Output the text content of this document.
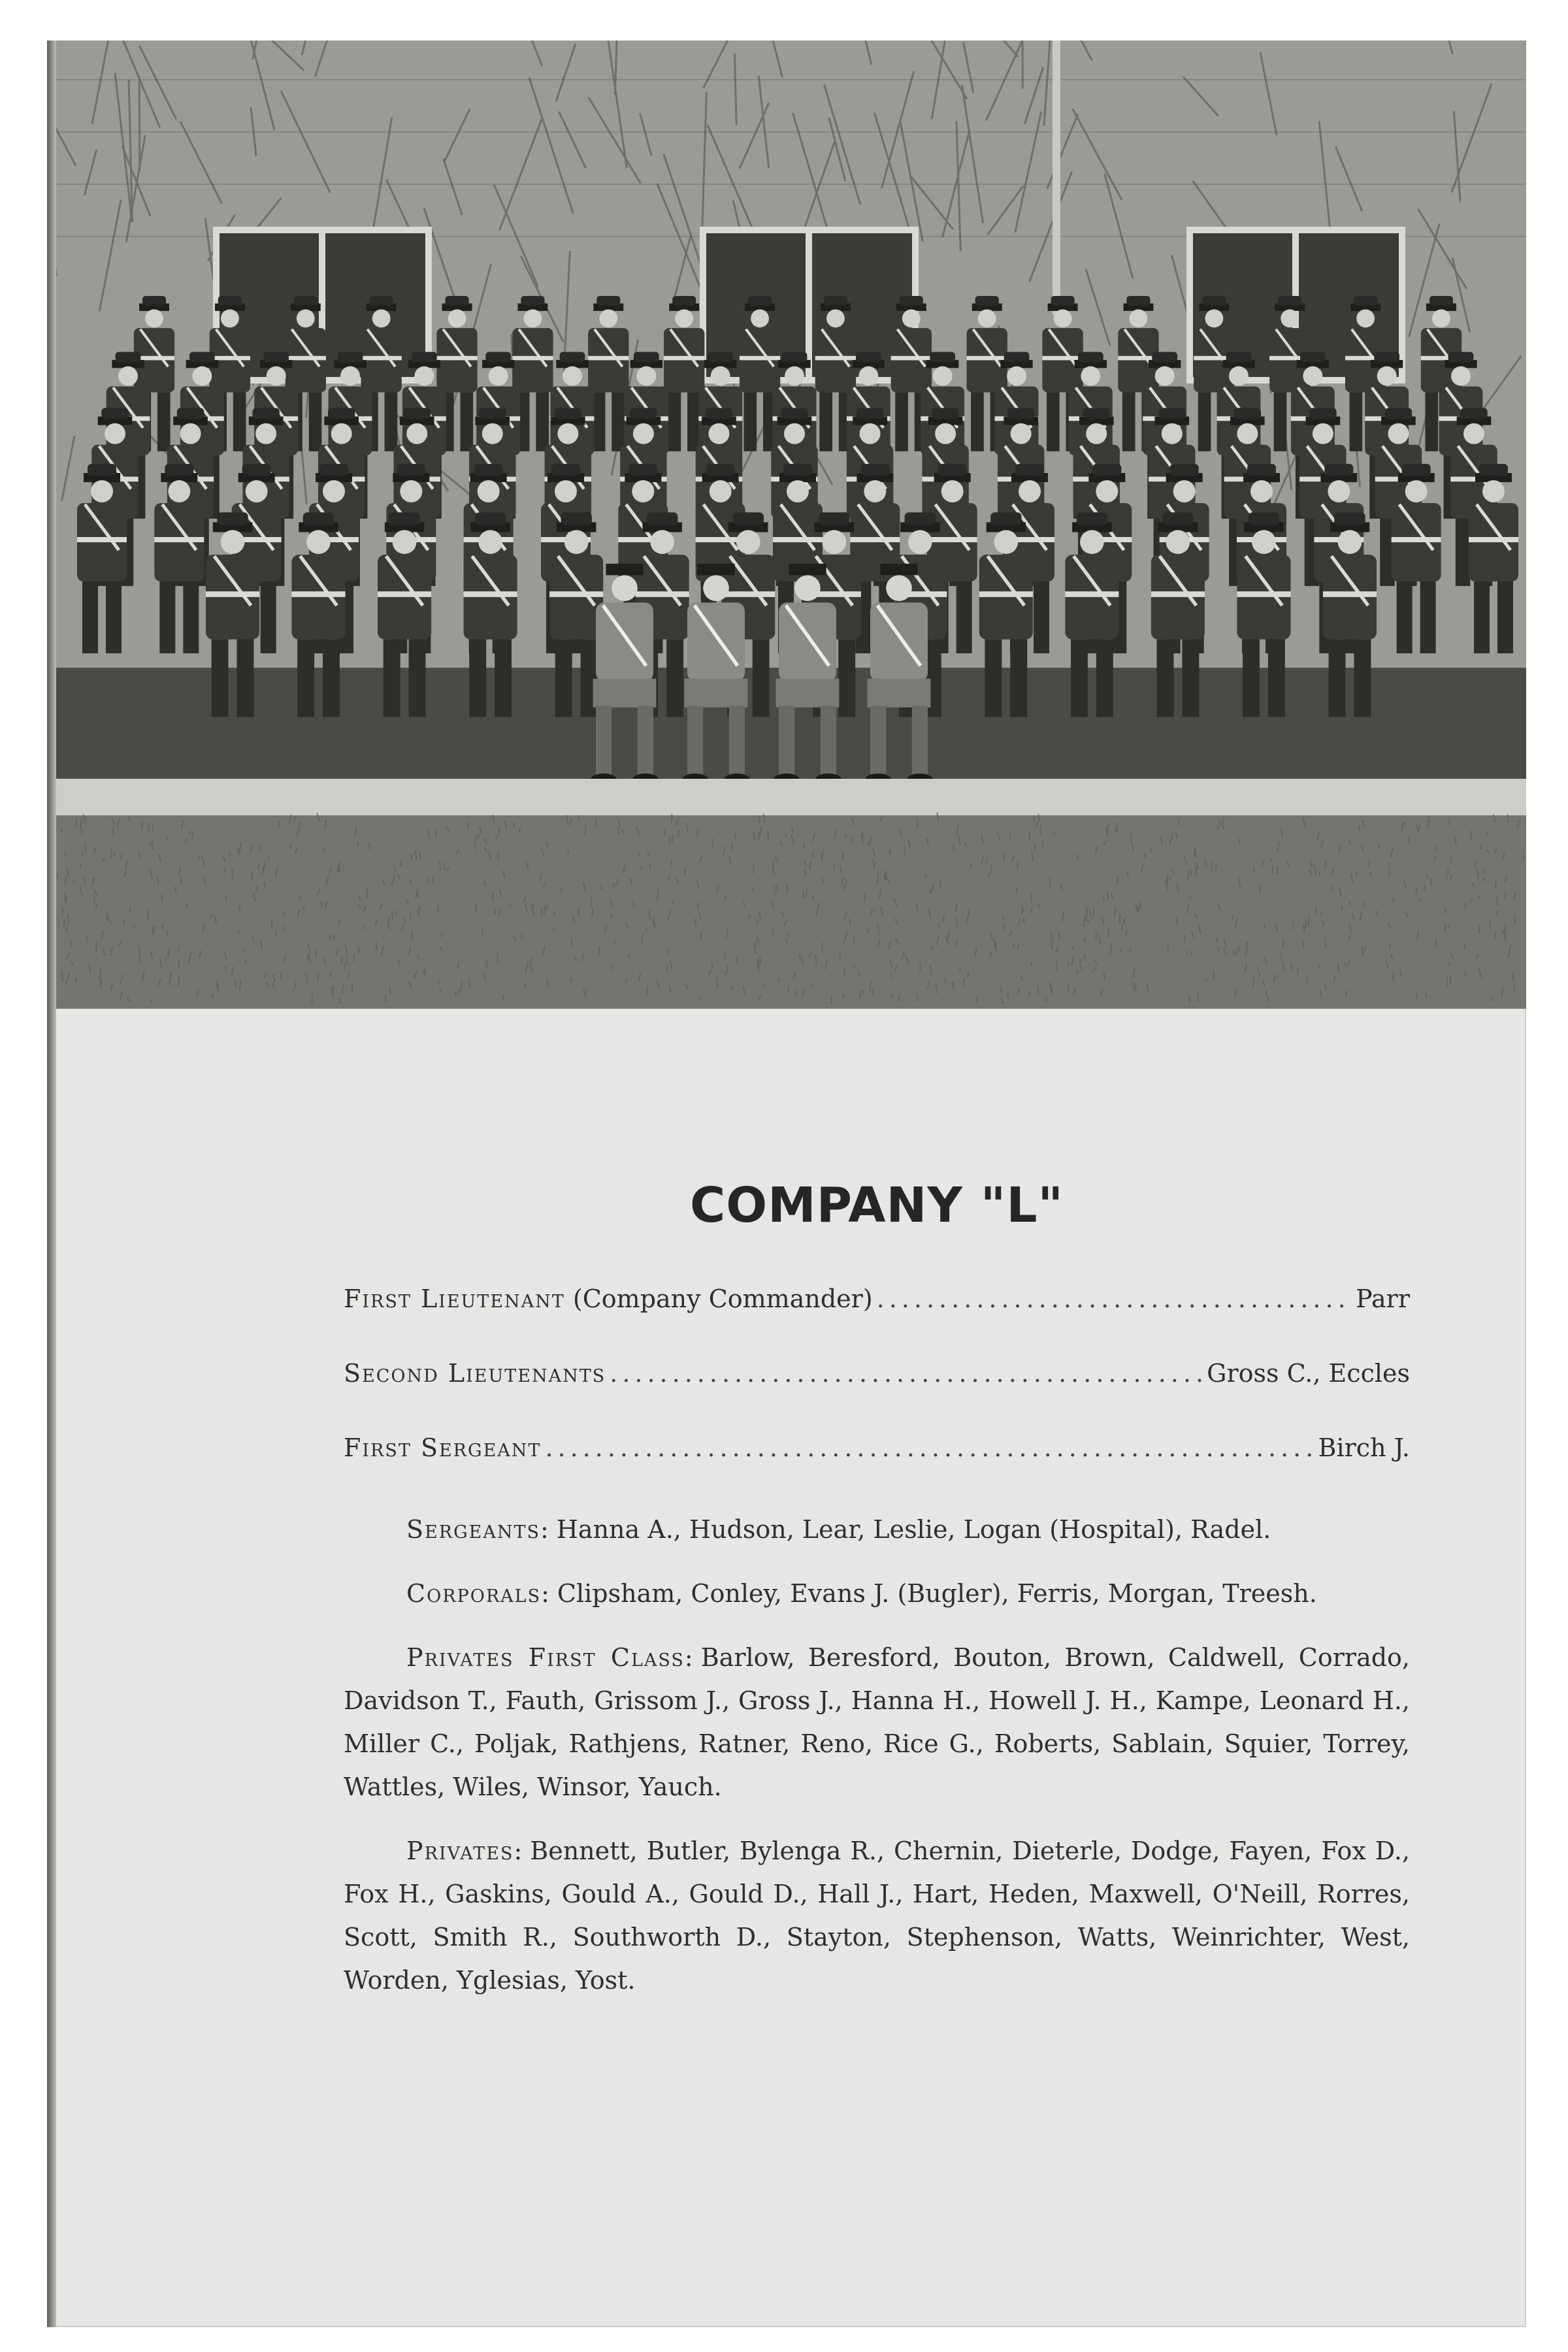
COMPANY "L"
First Lieutenant (Company Commander) .....	Parr
Second Lieutenants .....	Gross C., Eccles
First Sergeant .....	Birch J.

Sergeants: Hanna A., Hudson, Lear, Leslie, Logan (Hospital), Radel.

Corporals: Clipsham, Conley, Evans J. (Bugler), Ferris, Morgan, Treesh.

Privates First Class: Barlow, Beresford, Bouton, Brown, Caldwell, Corrado, Davidson T., Fauth, Grissom J., Gross J., Hanna H., Howell J. H., Kampe, Leonard H., Miller C., Poljak, Rathjens, Ratner, Reno, Rice G., Roberts, Sablain, Squier, Torrey, Wattles, Wiles, Winsor, Yauch.

Privates: Bennett, Butler, Bylenga R., Chernin, Dieterle, Dodge, Fayen, Fox D., Fox H., Gaskins, Gould A., Gould D., Hall J., Hart, Heden, Maxwell, O'Neill, Rorres, Scott, Smith R., Southworth D., Stayton, Stephenson, Watts, Weinrichter, West, Worden, Yglesias, Yost.
